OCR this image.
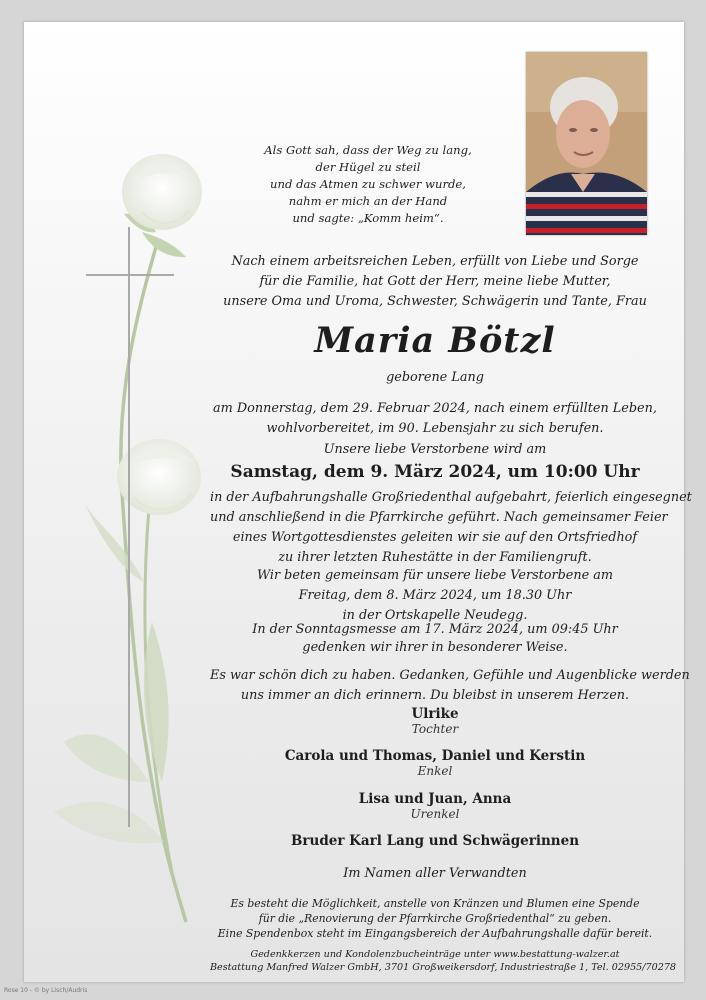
Als Gott sah, dass der Weg zu lang,
der Hügel zu steil
und das Atmen zu schwer wurde,
nahm er mich an der Hand
und sagte: „Komm heim“.
Nach einem arbeitsreichen Leben, erfüllt von Liebe und Sorge
für die Familie, hat Gott der Herr, meine liebe Mutter,
unsere Oma und Uroma, Schwester, Schwägerin und Tante, Frau
Maria Bötzl
geborene Lang
am Donnerstag, dem 29. Februar 2024, nach einem erfüllten Leben,
wohlvorbereitet, im 90. Lebensjahr zu sich berufen.
Unsere liebe Verstorbene wird am
Samstag, dem 9. März 2024, um 10:00 Uhr
in der Aufbahrungshalle Großriedenthal aufgebahrt, feierlich eingesegnet
und anschließend in die Pfarrkirche geführt. Nach gemeinsamer Feier
eines Wortgottesdienstes geleiten wir sie auf den Ortsfriedhof
zu ihrer letzten Ruhestätte in der Familiengruft.
Wir beten gemeinsam für unsere liebe Verstorbene am
Freitag, dem 8. März 2024, um 18.30 Uhr
in der Ortskapelle Neudegg.
In der Sonntagsmesse am 17. März 2024, um 09:45 Uhr
gedenken wir ihrer in besonderer Weise.
Es war schön dich zu haben. Gedanken, Gefühle und Augenblicke werden
uns immer an dich erinnern. Du bleibst in unserem Herzen.
Ulrike
Tochter
Carola und Thomas, Daniel und Kerstin
Enkel
Lisa und Juan, Anna
Urenkel
Bruder Karl Lang und Schwägerinnen
Im Namen aller Verwandten
Es besteht die Möglichkeit, anstelle von Kränzen und Blumen eine Spende
für die „Renovierung der Pfarrkirche Großriedenthal“ zu geben.
Eine Spendenbox steht im Eingangsbereich der Aufbahrungshalle dafür bereit.
Gedenkkerzen und Kondolenzbucheinträge unter www.bestattung-walzer.at
Bestattung Manfred Walzer GmbH, 3701 Großweikersdorf, Industriestraße 1, Tel. 02955/70278
Rose 10 - © by Lisch/Audris
